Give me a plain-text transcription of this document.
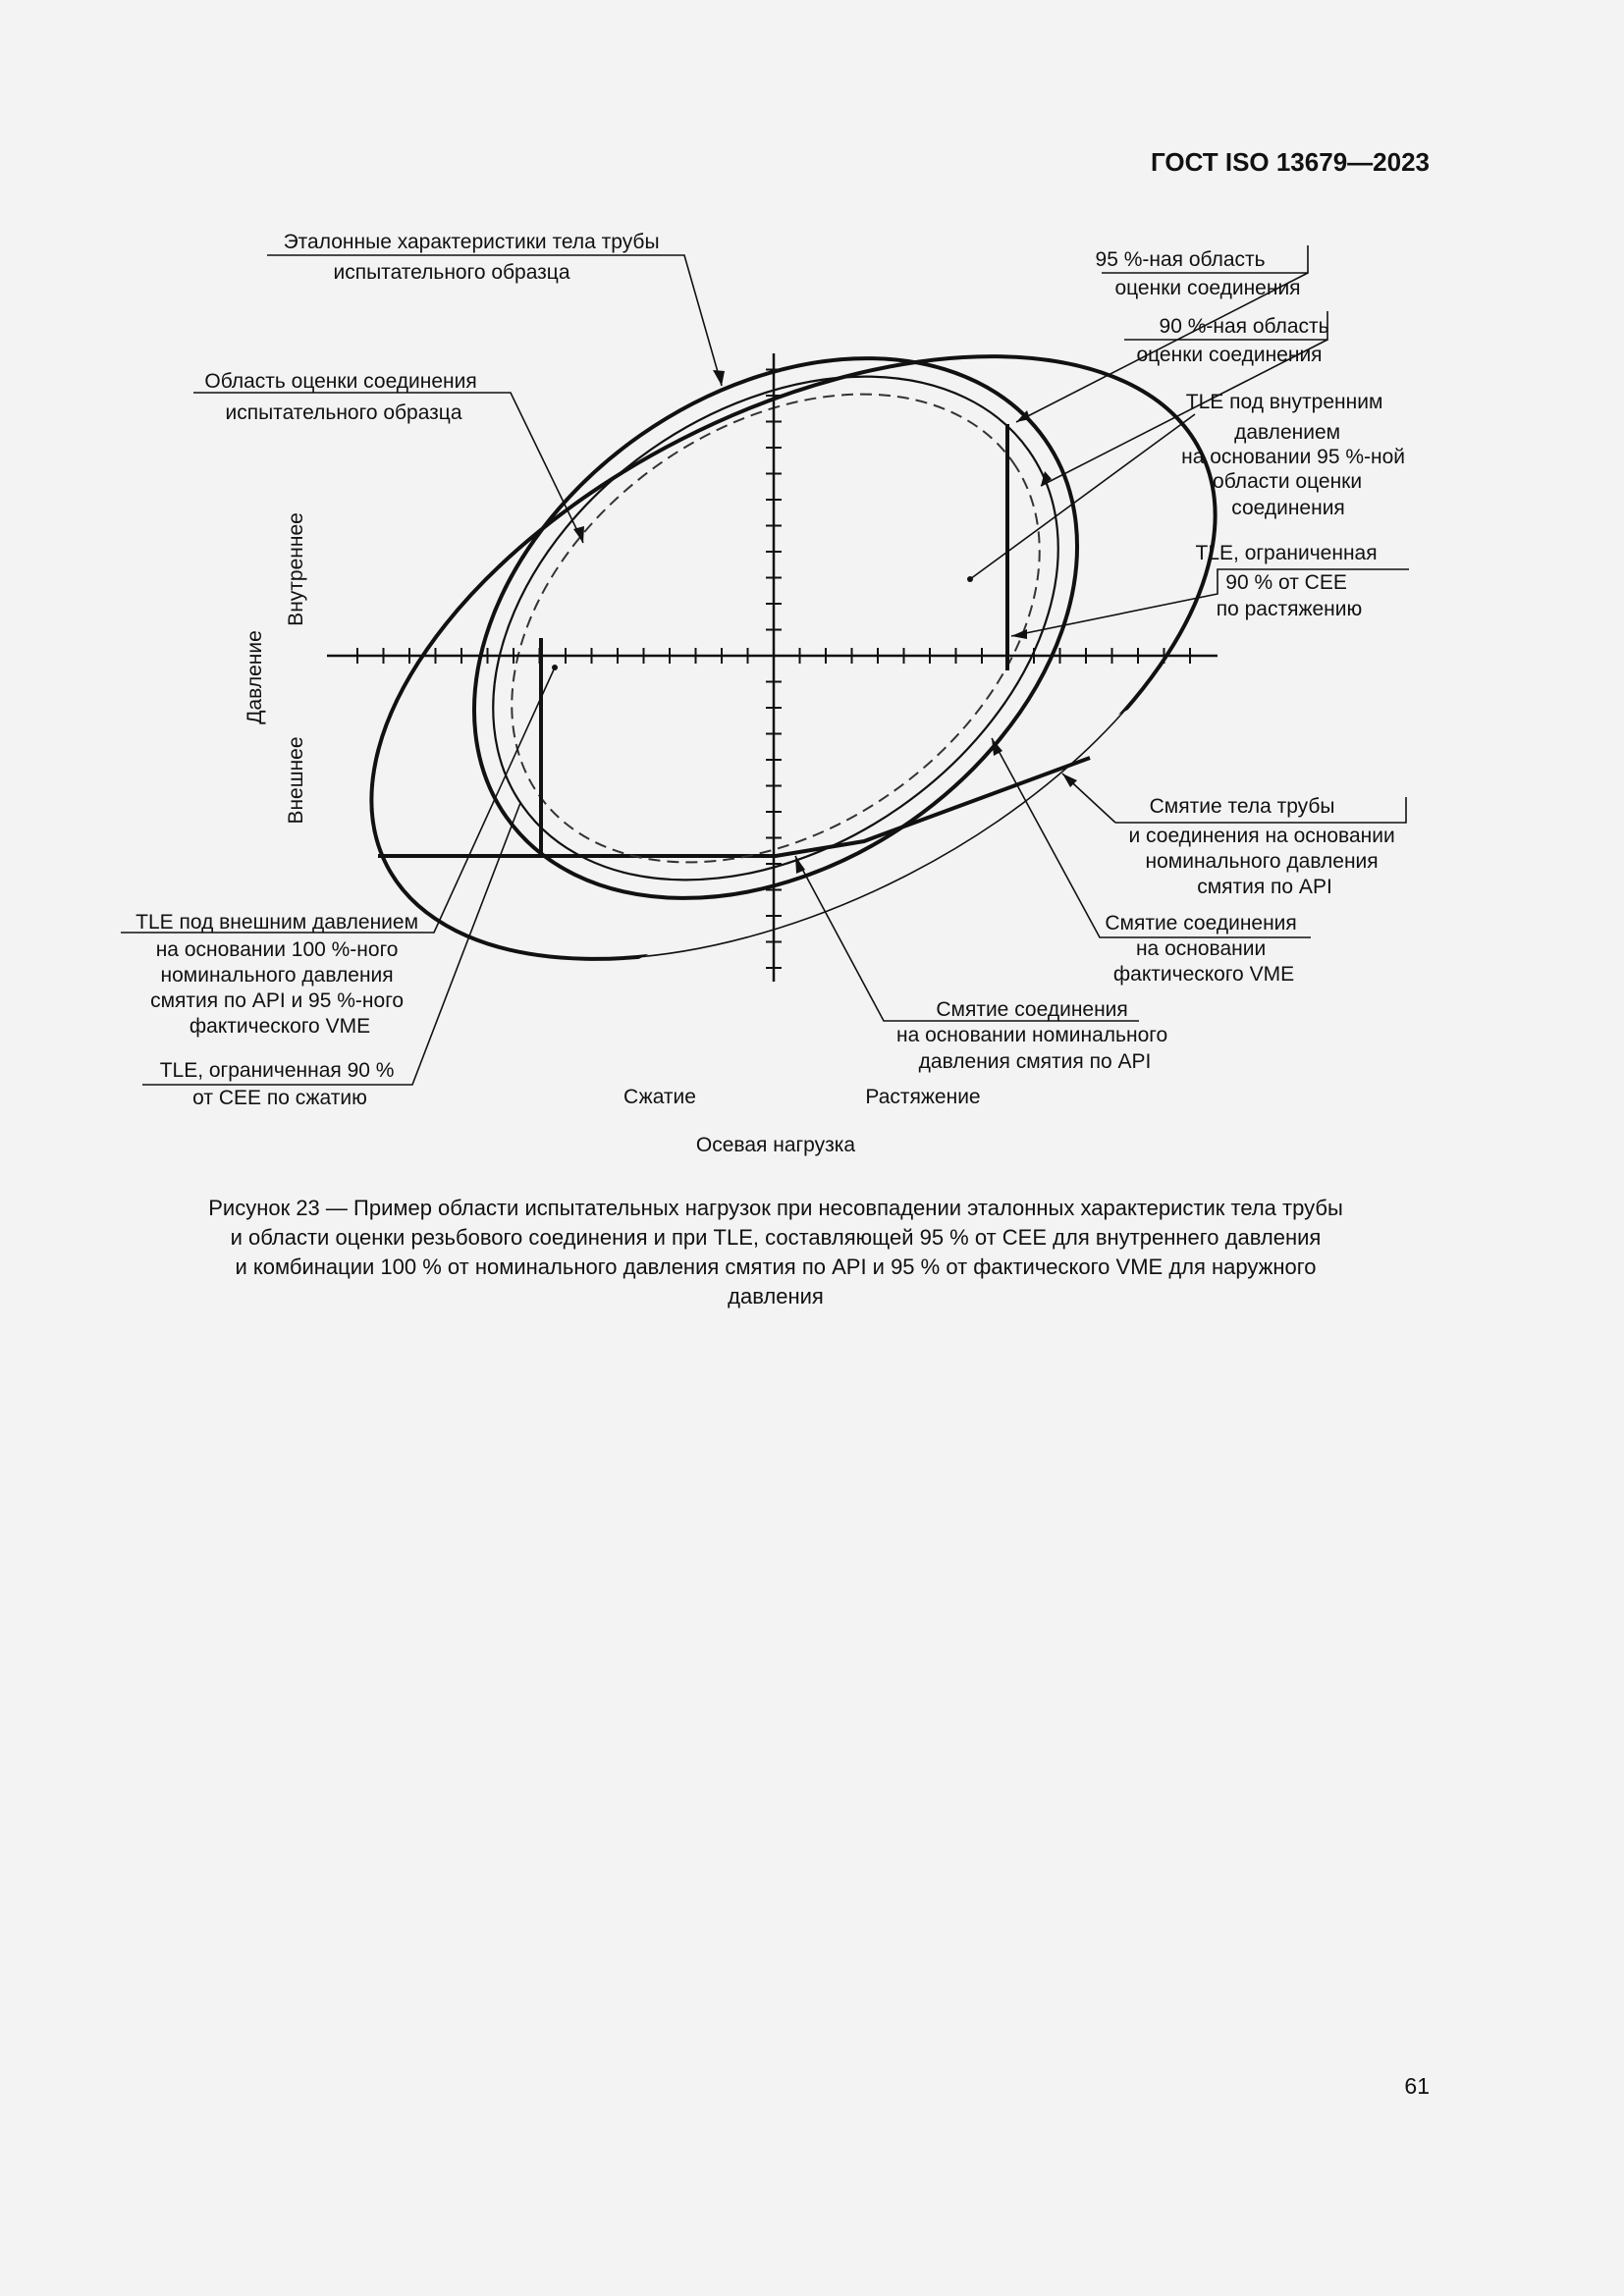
ГОСТ ISO 13679—2023
Эталонные характеристики тела трубы испытательного образца
Область оценки соединения испытательного образца
95 %-ная область оценки соединения
90 %-ная область оценки соединения
TLE под внутренним давлением на основании 95 %-ной области оценки соединения
TLE, ограниченная 90 % от CEE по растяжению
Смятие тела трубы и соединения на основании номинального давления смятия по API
Смятие соединения на основании фактического VME
Смятие соединения на основании номинального давления смятия по API
TLE под внешним давлением на основании 100 %-ного номинального давления смятия по API и 95 %-ного фактического VME
TLE, ограниченная 90 % от CEE по сжатию
Давление
Внутреннее
Внешнее
Сжатие	Растяжение
Осевая нагрузка
Рисунок 23 — Пример области испытательных нагрузок при несовпадении эталонных характеристик тела трубы
и области оценки резьбового соединения и при TLE, составляющей 95 % от CEE для внутреннего давления
и комбинации 100 % от номинального давления смятия по API и 95 % от фактического VME для наружного
давления
61
